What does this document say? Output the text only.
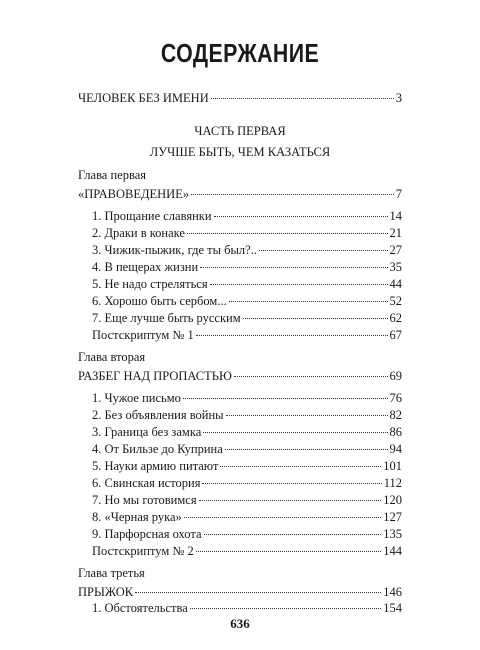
СОДЕРЖАНИЕ
ЧЕЛОВЕК БЕЗ ИМЕНИ	3
ЧАСТЬ ПЕРВАЯ
ЛУЧШЕ БЫТЬ, ЧЕМ КАЗАТЬСЯ
Глава первая
«ПРАВОВЕДЕНИЕ»	7
1. Прощание славянки	14
2. Драки в конаке	21
3. Чижик-пыжик, где ты был?..	27
4. В пещерах жизни	35
5. Не надо стреляться	44
6. Хорошо быть сербом...	52
7. Еще лучше быть русским	62
Постскриптум № 1	67
Глава вторая
РАЗБЕГ НАД ПРОПАСТЬЮ	69
1. Чужое письмо	76
2. Без объявления войны	82
3. Граница без замка	86
4. От Бильзе до Куприна	94
5. Науки армию питают	101
6. Свинская история	112
7. Но мы готовимся	120
8. «Черная рука»	127
9. Парфорсная охота	135
Постскриптум № 2	144
Глава третья
ПРЫЖОК	146
1. Обстоятельства	154
636
